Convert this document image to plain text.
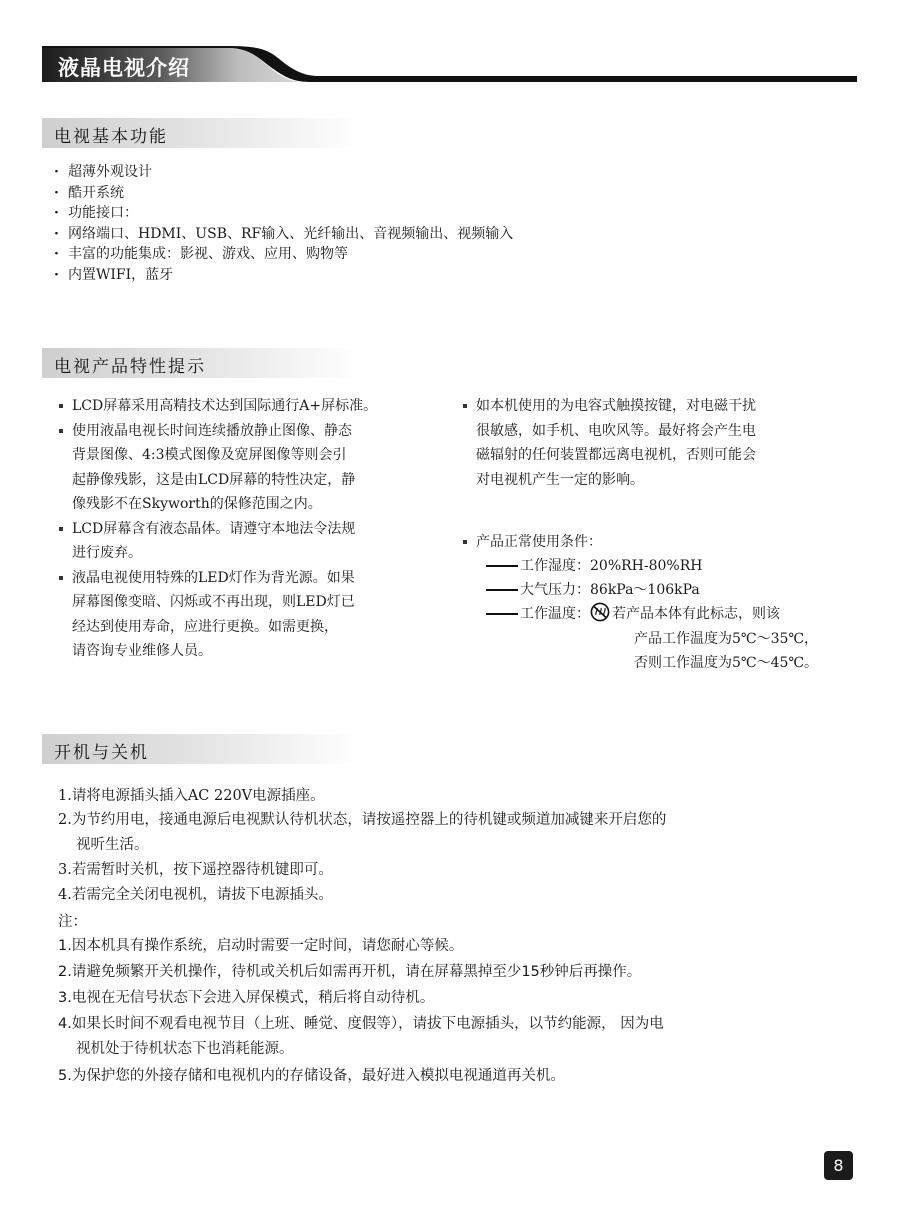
液晶电视介绍
电视基本功能
· 超薄外观设计
· 酷开系统
· 功能接口：
· 网络端口、HDMI、USB、RF输入、光纤输出、音视频输出、视频输入
· 丰富的功能集成：影视、游戏、应用、购物等
· 内置WIFI，蓝牙
电视产品特性提示
LCD屏幕采用高精技术达到国际通行A+屏标准。
使用液晶电视长时间连续播放静止图像、静态
背景图像、4:3模式图像及宽屏图像等则会引
起静像残影，这是由LCD屏幕的特性决定，静
像残影不在Skyworth的保修范围之内。
LCD屏幕含有液态晶体。请遵守本地法令法规
进行废弃。
液晶电视使用特殊的LED灯作为背光源。如果
屏幕图像变暗、闪烁或不再出现，则LED灯已
经达到使用寿命，应进行更换。如需更换，
请咨询专业维修人员。
如本机使用的为电容式触摸按键，对电磁干扰
很敏感，如手机、电吹风等。最好将会产生电
磁辐射的任何装置都远离电视机，否则可能会
对电视机产生一定的影响。
产品正常使用条件：
工作湿度：20%RH-80%RH
大气压力：86kPa～106kPa
工作温度： 若产品本体有此标志，则该
产品工作温度为5℃～35℃，
否则工作温度为5℃～45℃。
开机与关机
1.请将电源插头插入AC 220V电源插座。
2.为节约用电，接通电源后电视默认待机状态，请按遥控器上的待机键或频道加减键来开启您的
视听生活。
3.若需暂时关机，按下遥控器待机键即可。
4.若需完全关闭电视机，请拔下电源插头。
注：
1.因本机具有操作系统，启动时需要一定时间，请您耐心等候。
2.请避免频繁开关机操作，待机或关机后如需再开机，请在屏幕黑掉至少15秒钟后再操作。
3.电视在无信号状态下会进入屏保模式，稍后将自动待机。
4.如果长时间不观看电视节目（上班、睡觉、度假等），请拔下电源插头，以节约能源， 因为电
视机处于待机状态下也消耗能源。
5.为保护您的外接存储和电视机内的存储设备，最好进入模拟电视通道再关机。
8
